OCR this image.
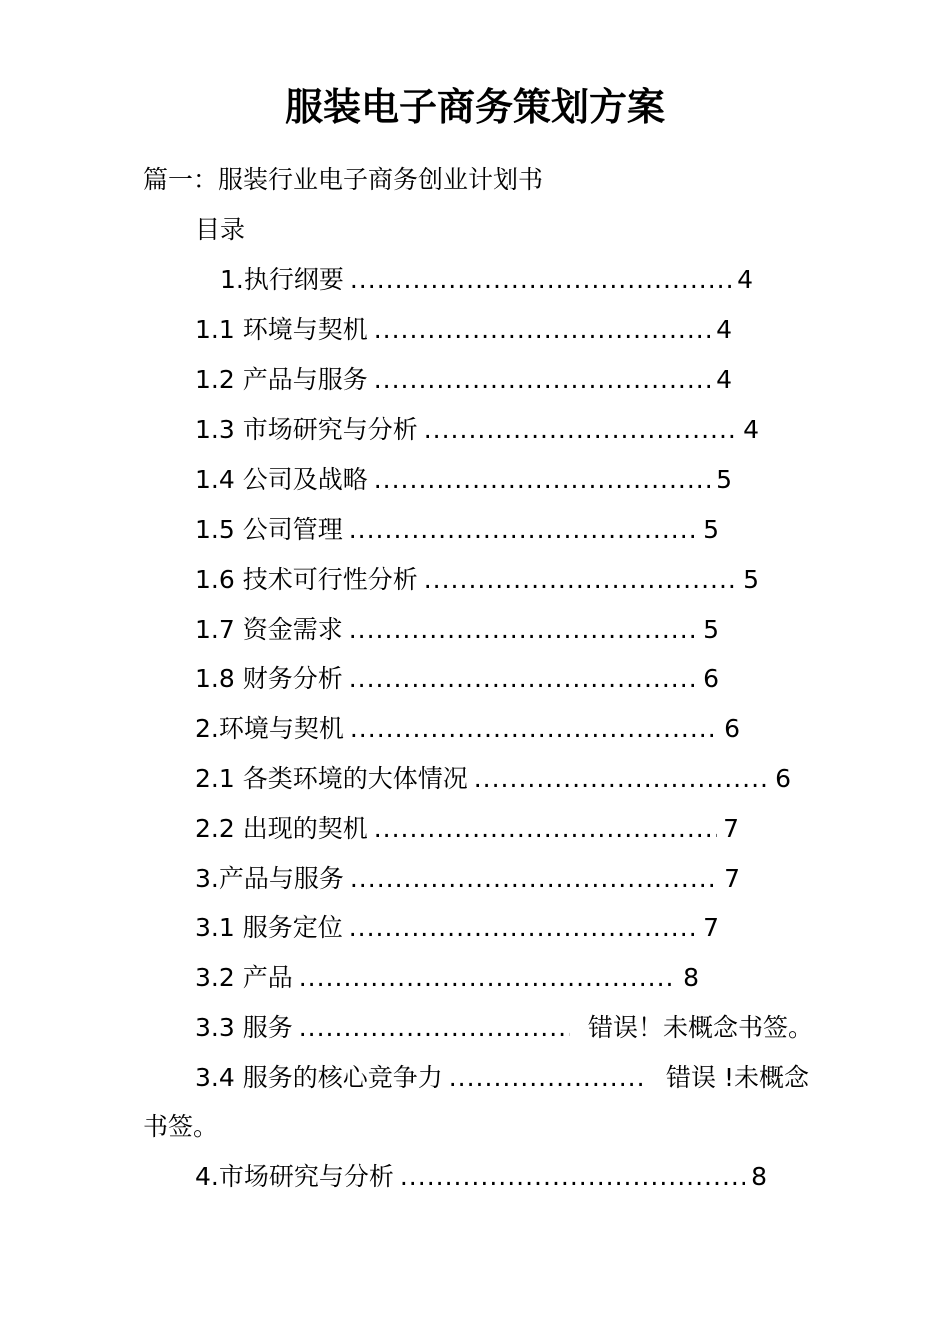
服装电子商务策划方案
篇一：服装行业电子商务创业计划书
目录
1.执行纲要 .....	4
1.1 环境与契机 .....	4
1.2 产品与服务 .....	4
1.3 市场研究与分析 .....	4
1.4 公司及战略 .....	5
1.5 公司管理 .....	5
1.6 技术可行性分析 .....	5
1.7 资金需求 .....	5
1.8 财务分析 .....	6
2.环境与契机 .....	6
2.1 各类环境的大体情况 .....	6
2.2 出现的契机 .....	7
3.产品与服务 .....	7
3.1 服务定位 .....	7
3.2 产品 .....	8
3.3 服务 .....	错误！未概念书签。
3.4 服务的核心竞争力 .....	错误 !未概念
书签。
4.市场研究与分析 .....	8
